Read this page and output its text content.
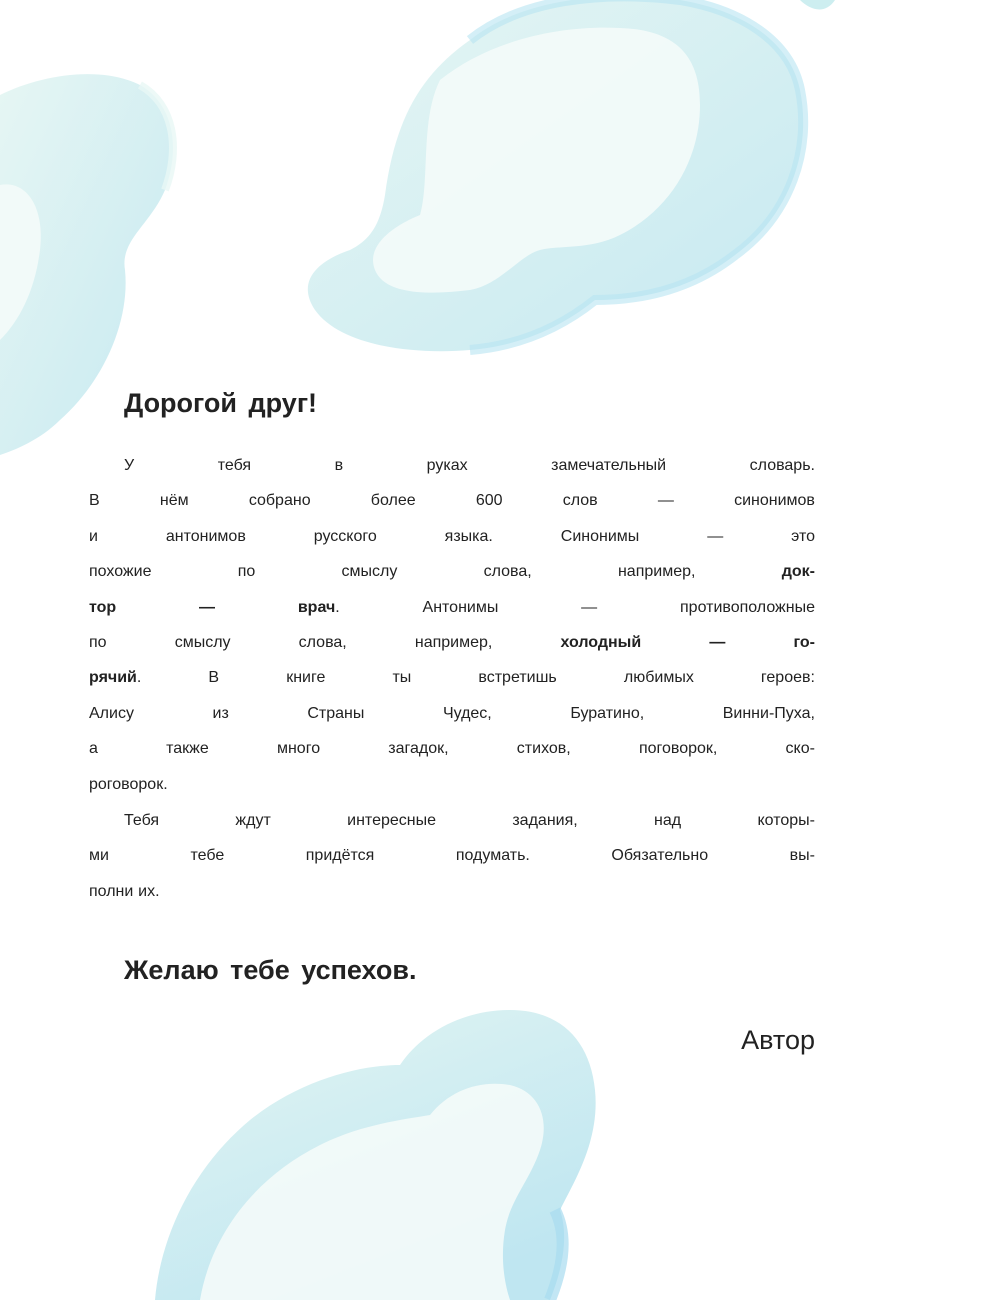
Дорогой друг!

У	тебя	в	руках	замечательный	словарь.
В	нём	собрано	более	600	слов	—	синонимов
и	антонимов	русского	языка.	Синонимы	—	это
похожие	по	смыслу	слова,	например,	док-
тор	—	врач.	Антонимы	—	противоположные
по	смыслу	слова,	например,	холодный	—	го-
рячий.	В	книге	ты	встретишь	любимых	героев:
Алису	из	Страны	Чудес,	Буратино,	Винни-Пуха,
а	также	много	загадок,	стихов,	поговорок,	ско-
роговорок.
Тебя	ждут	интересные	задания,	над	которы-
ми	тебе	придётся	подумать.	Обязательно	вы-
полни их.

Желаю тебе успехов.

Автор
